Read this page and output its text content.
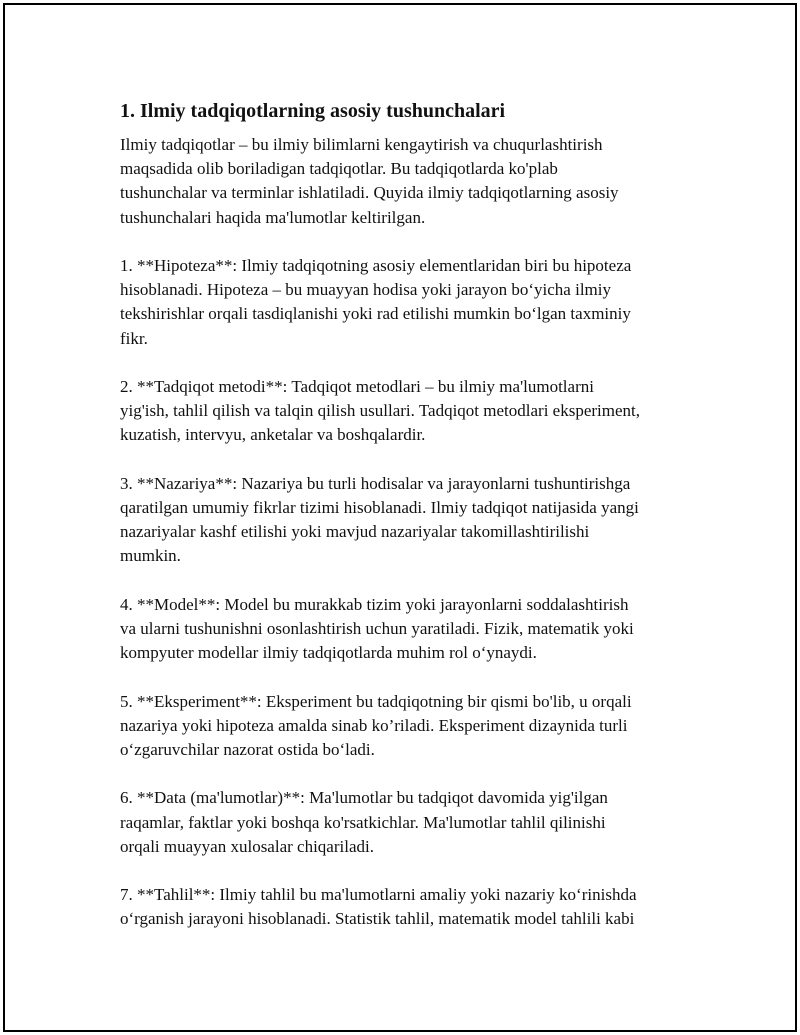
1. Ilmiy tadqiqotlarning asosiy tushunchalari

Ilmiy tadqiqotlar – bu ilmiy bilimlarni kengaytirish va chuqurlashtirish
maqsadida olib boriladigan tadqiqotlar. Bu tadqiqotlarda ko'plab
tushunchalar va terminlar ishlatiladi. Quyida ilmiy tadqiqotlarning asosiy
tushunchalari haqida ma'lumotlar keltirilgan.

1. **Hipoteza**: Ilmiy tadqiqotning asosiy elementlaridan biri bu hipoteza
hisoblanadi. Hipoteza – bu muayyan hodisa yoki jarayon bo‘yicha ilmiy
tekshirishlar orqali tasdiqlanishi yoki rad etilishi mumkin bo‘lgan taxminiy
fikr.

2. **Tadqiqot metodi**: Tadqiqot metodlari – bu ilmiy ma'lumotlarni
yig'ish, tahlil qilish va talqin qilish usullari. Tadqiqot metodlari eksperiment,
kuzatish, intervyu, anketalar va boshqalardir.

3. **Nazariya**: Nazariya bu turli hodisalar va jarayonlarni tushuntirishga
qaratilgan umumiy fikrlar tizimi hisoblanadi. Ilmiy tadqiqot natijasida yangi
nazariyalar kashf etilishi yoki mavjud nazariyalar takomillashtirilishi
mumkin.

4. **Model**: Model bu murakkab tizim yoki jarayonlarni soddalashtirish
va ularni tushunishni osonlashtirish uchun yaratiladi. Fizik, matematik yoki
kompyuter modellar ilmiy tadqiqotlarda muhim rol o‘ynaydi.

5. **Eksperiment**: Eksperiment bu tadqiqotning bir qismi bo'lib, u orqali
nazariya yoki hipoteza amalda sinab ko’riladi. Eksperiment dizaynida turli
o‘zgaruvchilar nazorat ostida bo‘ladi.

6. **Data (ma'lumotlar)**: Ma'lumotlar bu tadqiqot davomida yig'ilgan
raqamlar, faktlar yoki boshqa ko'rsatkichlar. Ma'lumotlar tahlil qilinishi
orqali muayyan xulosalar chiqariladi.

7. **Tahlil**: Ilmiy tahlil bu ma'lumotlarni amaliy yoki nazariy ko‘rinishda
o‘rganish jarayoni hisoblanadi. Statistik tahlil, matematik model tahlili kabi
